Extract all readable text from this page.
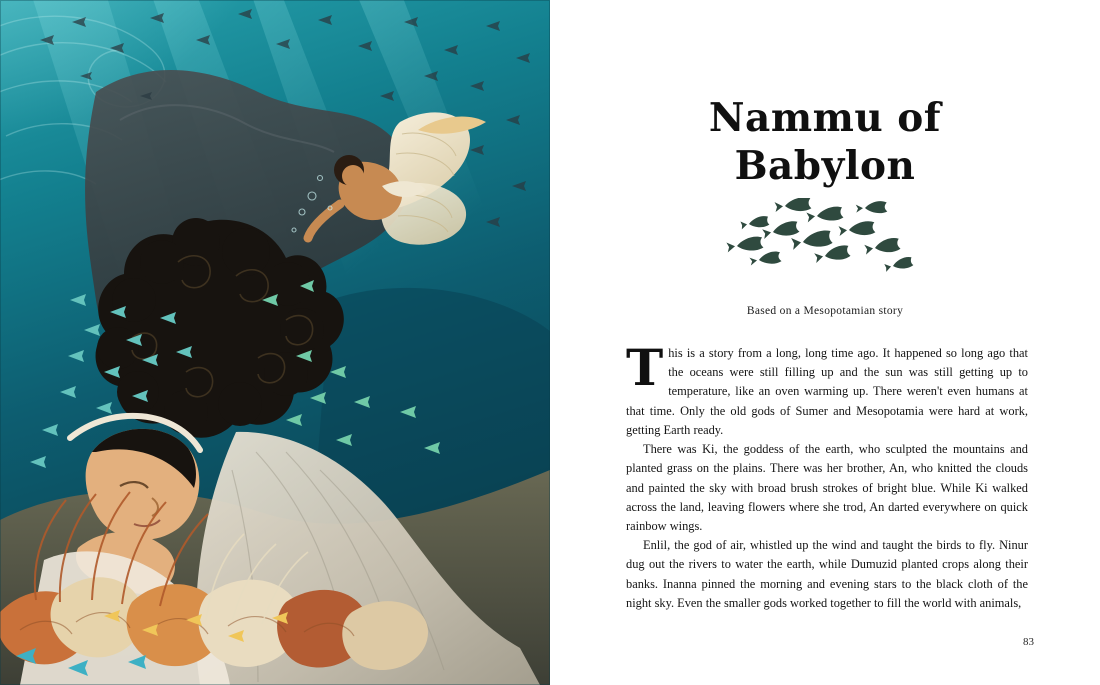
Nammu of
Babylon
Based on a Mesopotamian story

This is a story from a long, long time ago. It happened so long ago that the oceans were still filling up and the sun was still getting up to temperature, like an oven warming up. There weren't even humans at that time. Only the old gods of Sumer and Mesopotamia were hard at work, getting Earth ready.

There was Ki, the goddess of the earth, who sculpted the mountains and planted grass on the plains. There was her brother, An, who knitted the clouds and painted the sky with broad brush strokes of bright blue. While Ki walked across the land, leaving flowers where she trod, An darted everywhere on quick rainbow wings.

Enlil, the god of air, whistled up the wind and taught the birds to fly. Ninur dug out the rivers to water the earth, while Dumuzid planted crops along their banks. Inanna pinned the morning and evening stars to the black cloth of the night sky. Even the smaller gods worked together to fill the world with animals,

83
